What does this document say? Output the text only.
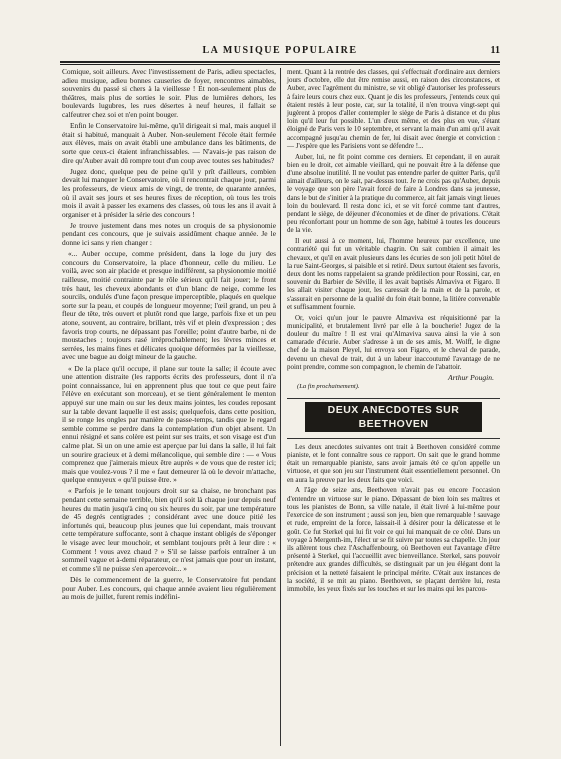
LA MUSIQUE POPULAIRE	11

Comique, soit ailleurs. Avec l'investissement de Paris, adieu spectacles, adieu musique, adieu bonnes causeries de foyer, rencontres aimables, souvenirs du passé si chers à la vieillesse ! Et non-seulement plus de théâtres, mais plus de sorties le soir. Plus de lumières dehors, les boulevards lugubres, les rues désertes à neuf heures, il fallait se calfeutrer chez soi et n'en point bouger.

Enfin le Conservatoire lui-même, qu'il dirigeait si mal, mais auquel il était si habitué, manquait à Auber. Non-seulement l'école était fermée aux élèves, mais on avait établi une ambulance dans les bâtiments, de sorte que ceux-ci étaient infranchissables. — N'avais-je pas raison de dire qu'Auber avait dû rompre tout d'un coup avec toutes ses habitudes?

Jugez donc, quelque peu de peine qu'il y prît d'ailleurs, combien devait lui manquer le Conservatoire, où il rencontrait chaque jour, parmi les professeurs, de vieux amis de vingt, de trente, de quarante années, où il avait ses jours et ses heures fixes de réception, où tous les trois mois il avait à passer les examens des classes, où tous les ans il avait à organiser et à présider la série des concours !

Je trouve justement dans mes notes un croquis de sa physionomie pendant ces concours, que je suivais assidûment chaque année. Je le donne ici sans y rien changer :

«... Auber occupe, comme président, dans la loge du jury des concours du Conservatoire, la place d'honneur, celle du milieu. Le voilà, avec son air placide et presque indifférent, sa physionomie moitié railleuse, moitié contrainte par le rôle sérieux qu'il fait jouer; le front très haut, les cheveux abondants et d'un blanc de neige, comme les sourcils, ondulés d'une façon presque imperceptible, plaqués en quelque sorte sur la peau, et coupés de longueur moyenne; l'œil grand, un peu à fleur de tête, très ouvert et plutôt rond que large, parfois fixe et un peu atone, souvent, au contraire, brillant, très vif et plein d'expression ; des favoris trop courts, ne dépassant pas l'oreille; point d'autre barbe, ni de moustaches ; toujours rasé irréprochablement; les lèvres minces et serrées, les mains fines et délicates quoique déformées par la vieillesse, avec une bague au doigt mineur de la gauche.

« De la place qu'il occupe, il plane sur toute la salle; il écoute avec une attention distraite (les rapports écrits des professeurs, dont il n'a point connaissance, lui en apprennent plus que tout ce que peut faire l'élève en exécutant son morceau), et se tient généralement le menton appuyé sur une main ou sur les deux mains jointes, les coudes reposant sur la table devant laquelle il est assis; quelquefois, dans cette position, il se ronge les ongles par manière de passe-temps, tandis que le regard semble comme se perdre dans la contemplation d'un objet absent. Un ennui résigné et sans colère est peint sur ses traits, et son visage est d'un calme plat. Si un on une amie est aperçue par lui dans la salle, il lui fait un sourire gracieux et à demi mélancolique, qui semble dire : — « Vous comprenez que j'aimerais mieux être auprès « de vous que de rester ici; mais que voulez-vous ? il me « faut demeurer là où le devoir m'attache, quelque ennuyeux « qu'il puisse être. »

« Parfois je le tenant toujours droit sur sa chaise, ne bronchant pas pendant cette semaine terrible, bien qu'il soit là chaque jour depuis neuf heures du matin jusqu'à cinq ou six heures du soir, par une température de 45 degrés centigrades ; considérant avec une douce pitié les infortunés qui, beaucoup plus jeunes que lui cependant, mais trouvant cette température suffocante, sont à chaque instant obligés de s'éponger le visage avec leur mouchoir, et semblant toujours prêt à leur dire : « Comment ! vous avez chaud ? » S'il se laisse parfois entraîner à un sommeil vague et à-demi réparateur, ce n'est jamais que pour un instant, et comme s'il ne puisse s'en apercevoir... »

Dès le commencement de la guerre, le Conservatoire fut pendant pour Auber. Les concours, qui chaque année avaient lieu régulièrement au mois de juillet, furent remis indéfini-

ment. Quant à la rentrée des classes, qui s'effectuait d'ordinaire aux derniers jours d'octobre, elle dut être remise aussi, en raison des circonstances, et Auber, avec l'agrément du ministre, se vit obligé d'autoriser les professeurs à faire leurs cours chez eux. Quant je dis les professeurs, j'entends ceux qui étaient restés à leur poste, car, sur la totalité, il n'en trouva vingt-sept qui jugèrent à propos d'aller contempler le siège de Paris à distance et du plus loin qu'il leur fut possible. L'un d'eux même, et des plus en vue, s'étant éloigné de Paris vers le 10 septembre, et servant la main d'un ami qu'il avait accompagné jusqu'au chemin de fer, lui disait avec énergie et conviction : — J'espère que les Parisiens vont se défendre !...

Auber, lui, ne fit point comme ces derniers. Et cependant, il en aurait bien eu le droit, cet aimable vieillard, qui ne pouvait être à la défense que d'une absolue inutilité. Il ne voulut pas entendre parler de quitter Paris, qu'il aimait d'ailleurs, on le sait, par-dessus tout. Je ne crois pas qu'Auber, depuis le voyage que son père l'avait forcé de faire à Londres dans sa jeunesse, dans le but de s'initier à la pratique du commerce, ait fait jamais vingt lieues loin du boulevard. Il resta donc ici, et se vit forcé comme tant d'autres, pendant le siège, de déjeuner d'économies et de dîner de privations. C'était peu réconfortant pour un homme de son âge, habitué à toutes les douceurs de la vie.

Il eut aussi à ce moment, lui, l'homme heureux par excellence, une contrariété qui fut un véritable chagrin. On sait combien il aimait les chevaux, et qu'il en avait plusieurs dans les écuries de son joli petit hôtel de la rue Saint-Georges, si paisible et si retiré. Deux surtout étaient ses favoris, deux dont les noms rappelaient sa grande prédilection pour Rossini, car, en souvenir du Barbier de Séville, il les avait baptisés Almaviva et Figaro. Il les allait visiter chaque jour, les caressait de la main et de la parole, et s'assurait en personne de la qualité du foin était bonne, la litière convenable et suffisamment fournie.

Or, voici qu'un jour le pauvre Almaviva est réquisitionné par la municipalité, et brutalement livré par elle à la boucherie! Jugez de la douleur du maître ! Il est vrai qu'Almaviva sauva ainsi la vie à son camarade d'écurie. Auber s'adresse à un de ses amis, M. Wolff, le digne chef de la maison Pleyel, lui envoya son Figaro, et le cheval de parade, devenu un cheval de trait, dut à un labeur inaccoutumé l'avantage de ne point prendre, comme son compagnon, le chemin de l'abattoir.

Arthur Pougin.
(La fin prochainement).
DEUX ANECDOTES SUR BEETHOVEN

Les deux anecdotes suivantes ont trait à Beethoven considéré comme pianiste, et le font connaître sous ce rapport. On sait que le grand homme était un remarquable pianiste, sans avoir jamais été ce qu'on appelle un virtuose, et que son jeu sur l'instrument était essentiellement personnel. On en aura la preuve par les deux faits que voici.

A l'âge de seize ans, Beethoven n'avait pas eu encore l'occasion d'entendre un virtuose sur le piano. Dépassant de bien loin ses maîtres et tous les pianistes de Bonn, sa ville natale, il était livré à lui-même pour l'exercice de son instrument ; aussi son jeu, bien que remarquable ! sauvage et rude, empreint de la force, laissait-il à désirer pour la délicatesse et le goût. Ce fut Sterkel qui lui fit voir ce qui lui manquait de ce côté. Dans un voyage à Mergenth-im, l'élect ur se fit suivre par toutes sa chapelle. Un jour ils allèrent tous chez l'Aschaffenbourg, où Beethoven eut l'avantage d'être présenté à Sterkel, qui l'accueillit avec bienveillance. Sterkel, sans pouvoir prétendre aux grandes difficultés, se distinguait par un jeu élégant dont la précision et la netteté faisaient le principal mérite. C'était aux instances de la société, il se mit au piano. Beethoven, se plaçant derrière lui, resta immobile, les yeux fixés sur les touches et sur les mains qui les parcou-
